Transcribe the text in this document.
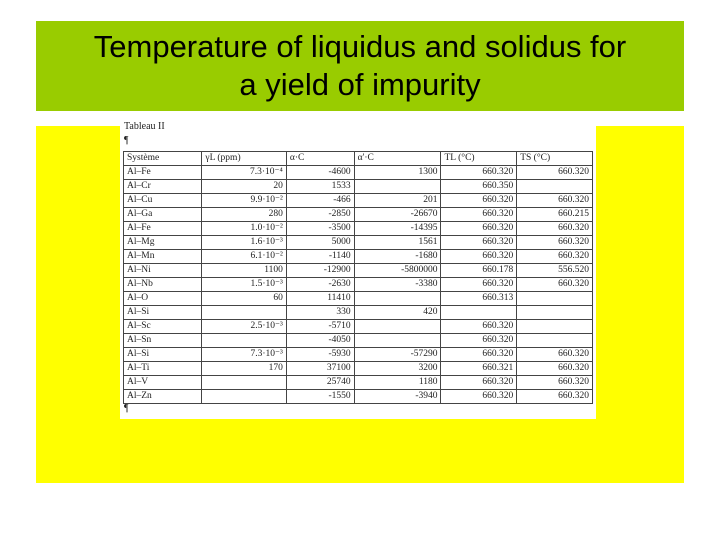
Temperature of liquidus and solidus for
a yield of impurity
Tableau II
¶
Système	γL (ppm)	α·C	α'·C	TL (°C)	TS (°C)
Al–Fe	7.3·10⁻⁴	-4600	1300	660.320	660.320
Al–Cr	20	1533		660.350	
Al–Cu	9.9·10⁻²	-466	201	660.320	660.320
Al–Ga	280	-2850	-26670	660.320	660.215
Al–Fe	1.0·10⁻²	-3500	-14395	660.320	660.320
Al–Mg	1.6·10⁻³	5000	1561	660.320	660.320
Al–Mn	6.1·10⁻²	-1140	-1680	660.320	660.320
Al–Ni	1100	-12900	-5800000	660.178	556.520
Al–Nb	1.5·10⁻³	-2630	-3380	660.320	660.320
Al–O	60	11410		660.313	
Al–Si		330	420		
Al–Sc	2.5·10⁻³	-5710		660.320	
Al–Sn		-4050		660.320	
Al–Si	7.3·10⁻³	-5930	-57290	660.320	660.320
Al–Ti	170	37100	3200	660.321	660.320
Al–V		25740	1180	660.320	660.320
Al–Zn		-1550	-3940	660.320	660.320
¶
